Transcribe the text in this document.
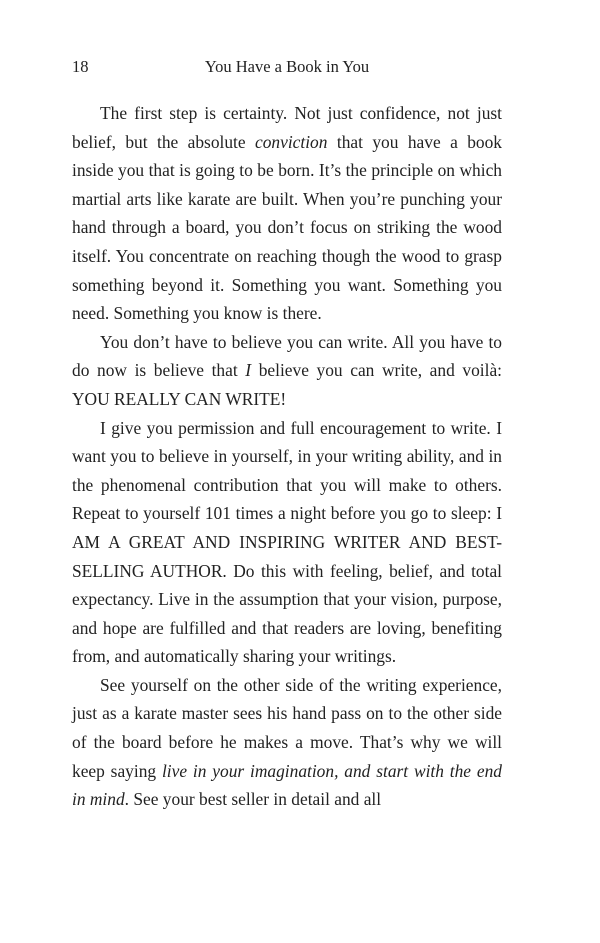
18	You Have a Book in You

The first step is certainty. Not just confidence, not just belief, but the absolute conviction that you have a book inside you that is going to be born. It’s the principle on which martial arts like karate are built. When you’re punching your hand through a board, you don’t focus on striking the wood itself. You concentrate on reaching though the wood to grasp something beyond it. Something you want. Something you need. Something you know is there.

You don’t have to believe you can write. All you have to do now is believe that I believe you can write, and voilà: YOU REALLY CAN WRITE!

I give you permission and full encouragement to write. I want you to believe in yourself, in your writing ability, and in the phenomenal contribution that you will make to others. Repeat to yourself 101 times a night before you go to sleep: I AM A GREAT AND INSPIRING WRITER AND BEST-SELLING AUTHOR. Do this with feeling, belief, and total expectancy. Live in the assumption that your vision, purpose, and hope are fulfilled and that readers are loving, benefiting from, and automatically sharing your writings.

See yourself on the other side of the writing experience, just as a karate master sees his hand pass on to the other side of the board before he makes a move. That’s why we will keep saying live in your imagination, and start with the end in mind. See your best seller in detail and all
